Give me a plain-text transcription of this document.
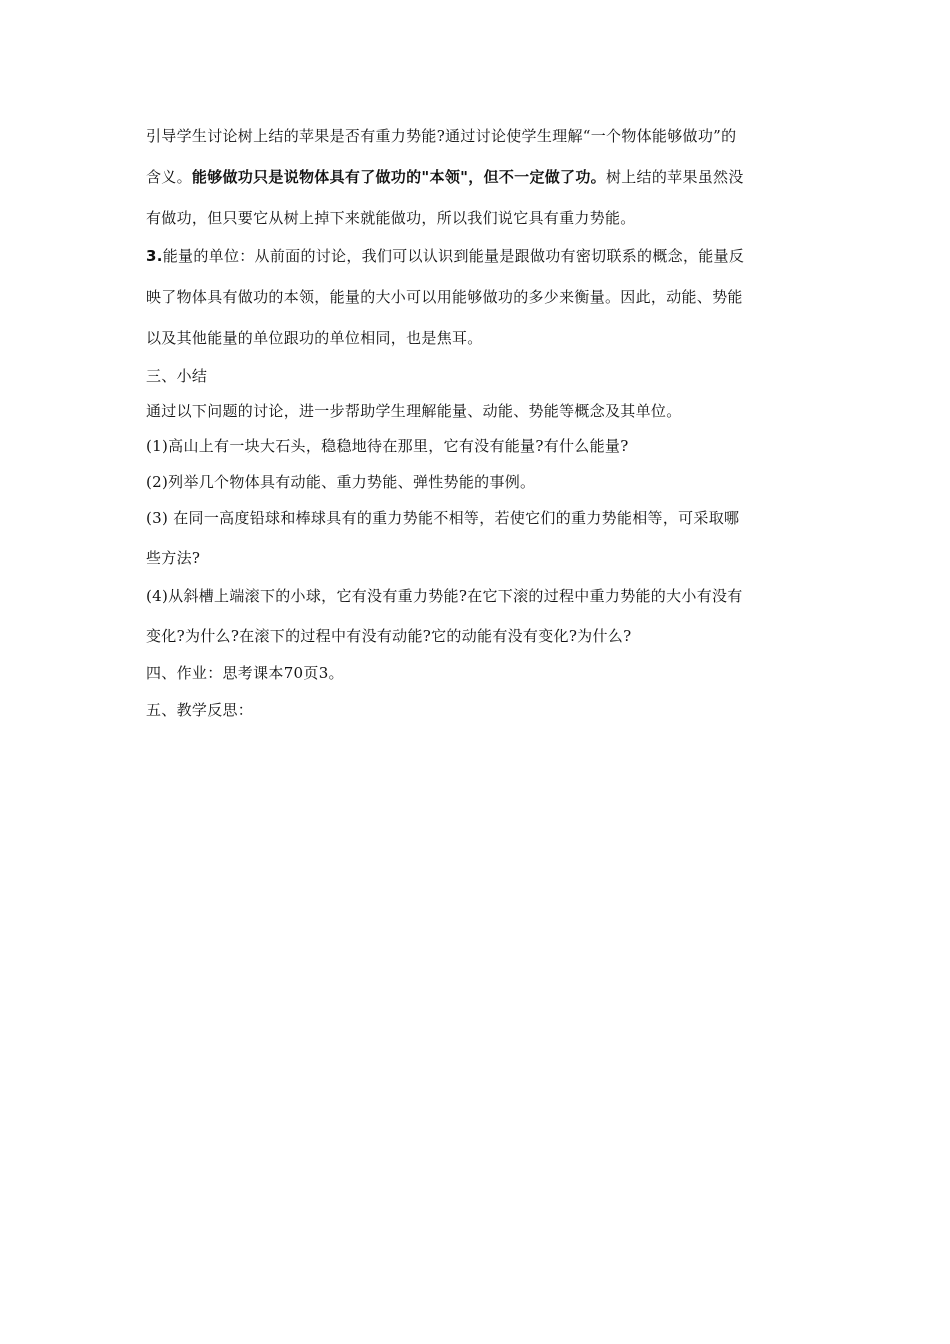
引导学生讨论树上结的苹果是否有重力势能?通过讨论使学生理解“一个物体能够做功”的
含义。能够做功只是说物体具有了做功的"本领"，但不一定做了功。树上结的苹果虽然没
有做功，但只要它从树上掉下来就能做功，所以我们说它具有重力势能。
3.能量的单位：从前面的讨论，我们可以认识到能量是跟做功有密切联系的概念，能量反
映了物体具有做功的本领，能量的大小可以用能够做功的多少来衡量。因此，动能、势能
以及其他能量的单位跟功的单位相同，也是焦耳。
三、小结
通过以下问题的讨论，进一步帮助学生理解能量、动能、势能等概念及其单位。
(1)高山上有一块大石头，稳稳地待在那里，它有没有能量?有什么能量?
(2)列举几个物体具有动能、重力势能、弹性势能的事例。
(3) 在同一高度铅球和棒球具有的重力势能不相等，若使它们的重力势能相等，可采取哪
些方法?
(4)从斜槽上端滚下的小球，它有没有重力势能?在它下滚的过程中重力势能的大小有没有
变化?为什么?在滚下的过程中有没有动能?它的动能有没有变化?为什么?
四、作业：思考课本70页3。
五、教学反思：
